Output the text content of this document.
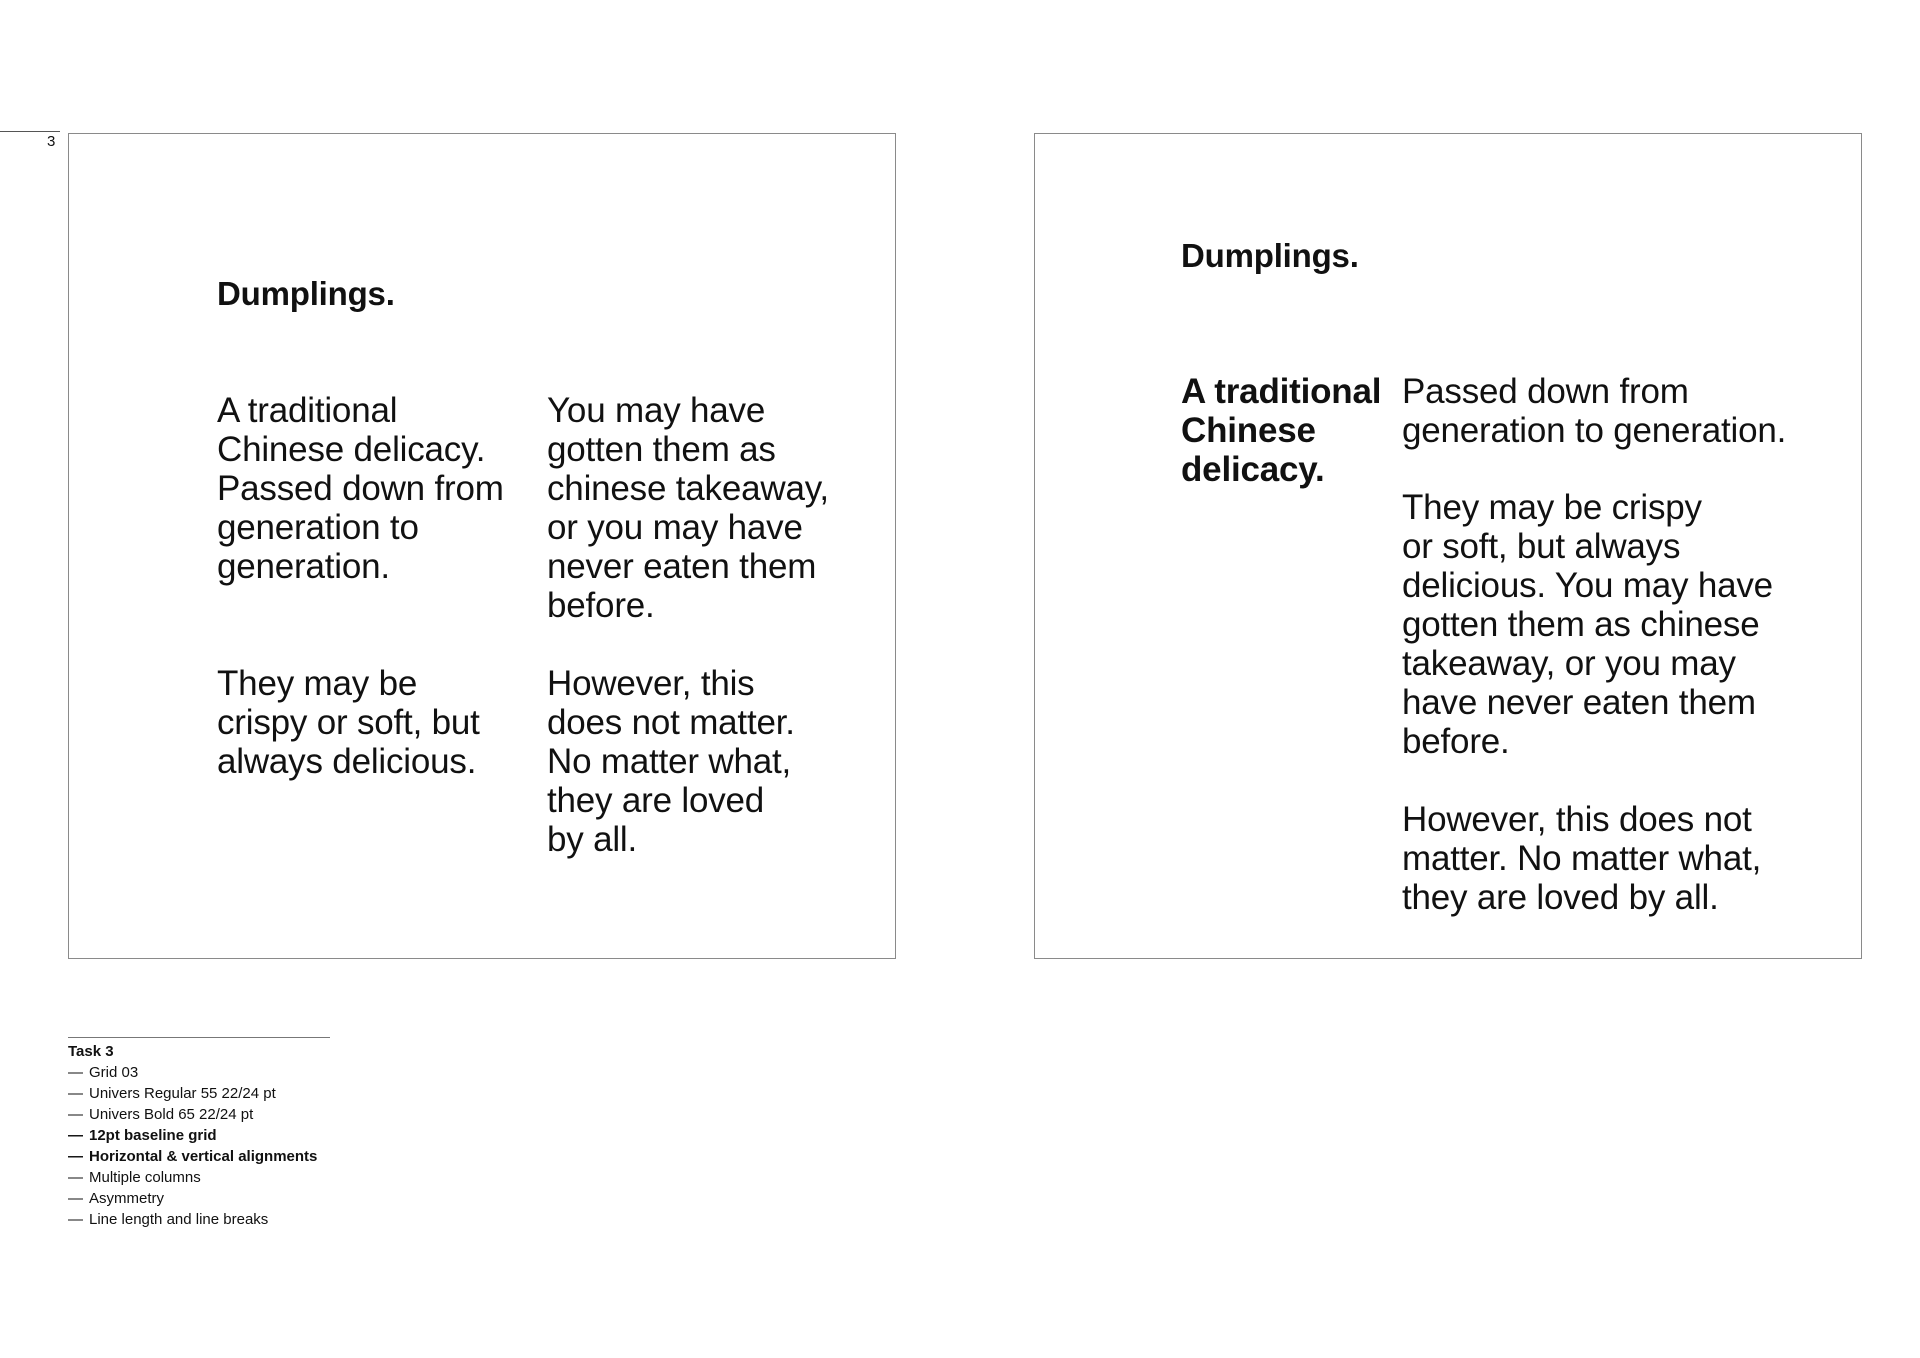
3

Dumplings.

A traditional
Chinese delicacy.
Passed down from
generation to
generation.

They may be
crispy or soft, but
always delicious.

You may have
gotten them as
chinese takeaway,
or you may have
never eaten them
before.

However, this
does not matter.
No matter what,
they are loved
by all.

Dumplings.

A traditional
Chinese
delicacy.

Passed down from
generation to generation.

They may be crispy
or soft, but always
delicious. You may have
gotten them as chinese
takeaway, or you may
have never eaten them
before.

However, this does not
matter. No matter what,
they are loved by all.

Task 3
— Grid 03
— Univers Regular 55 22/24 pt
— Univers Bold 65 22/24 pt
— 12pt baseline grid
— Horizontal & vertical alignments
— Multiple columns
— Asymmetry
— Line length and line breaks
